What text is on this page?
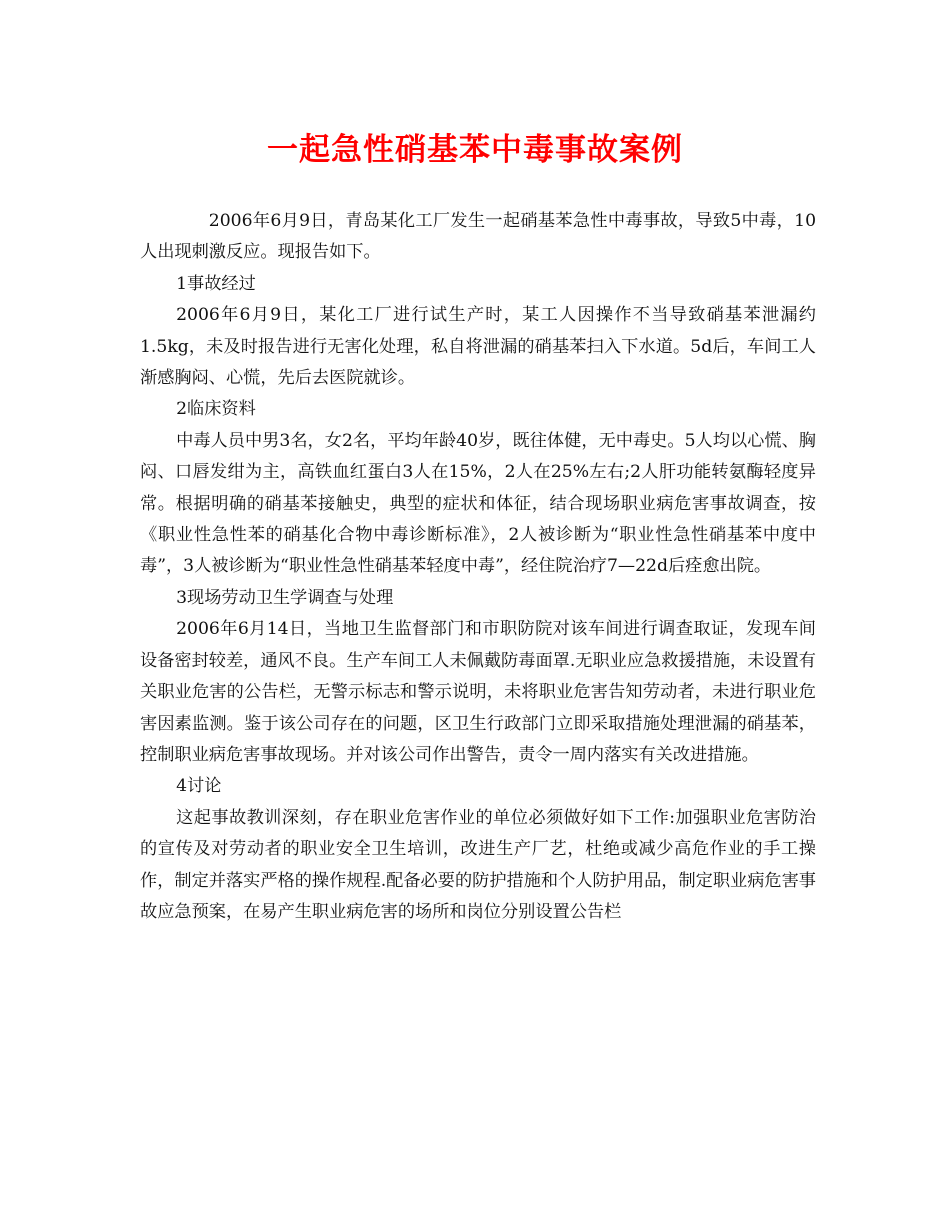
一起急性硝基苯中毒事故案例

2006年6月9日，青岛某化工厂发生一起硝基苯急性中毒事故，导致5中毒，10人出现刺激反应。现报告如下。

1事故经过

2006年6月9日，某化工厂进行试生产时，某工人因操作不当导致硝基苯泄漏约1.5kg，未及时报告进行无害化处理，私自将泄漏的硝基苯扫入下水道。5d后，车间工人渐感胸闷、心慌，先后去医院就诊。

2临床资料

中毒人员中男3名，女2名，平均年龄40岁，既往体健，无中毒史。5人均以心慌、胸闷、口唇发绀为主，高铁血红蛋白3人在15%，2人在25%左右;2人肝功能转氨酶轻度异常。根据明确的硝基苯接触史，典型的症状和体征，结合现场职业病危害事故调查，按《职业性急性苯的硝基化合物中毒诊断标准》，2人被诊断为“职业性急性硝基苯中度中毒”，3人被诊断为“职业性急性硝基苯轻度中毒”，经住院治疗7—22d后痊愈出院。

3现场劳动卫生学调查与处理

2006年6月14日，当地卫生监督部门和市职防院对该车间进行调查取证，发现车间设备密封较差，通风不良。生产车间工人未佩戴防毒面罩.无职业应急救援措施，未设置有关职业危害的公告栏，无警示标志和警示说明，未将职业危害告知劳动者，未进行职业危害因素监测。鉴于该公司存在的问题，区卫生行政部门立即采取措施处理泄漏的硝基苯，控制职业病危害事故现场。并对该公司作出警告，责令一周内落实有关改进措施。

4讨论

这起事故教训深刻，存在职业危害作业的单位必须做好如下工作:加强职业危害防治的宣传及对劳动者的职业安全卫生培训，改进生产厂艺，杜绝或减少高危作业的手工操作，制定并落实严格的操作规程.配备必要的防护措施和个人防护用品，制定职业病危害事故应急预案，在易产生职业病危害的场所和岗位分别设置公告栏
